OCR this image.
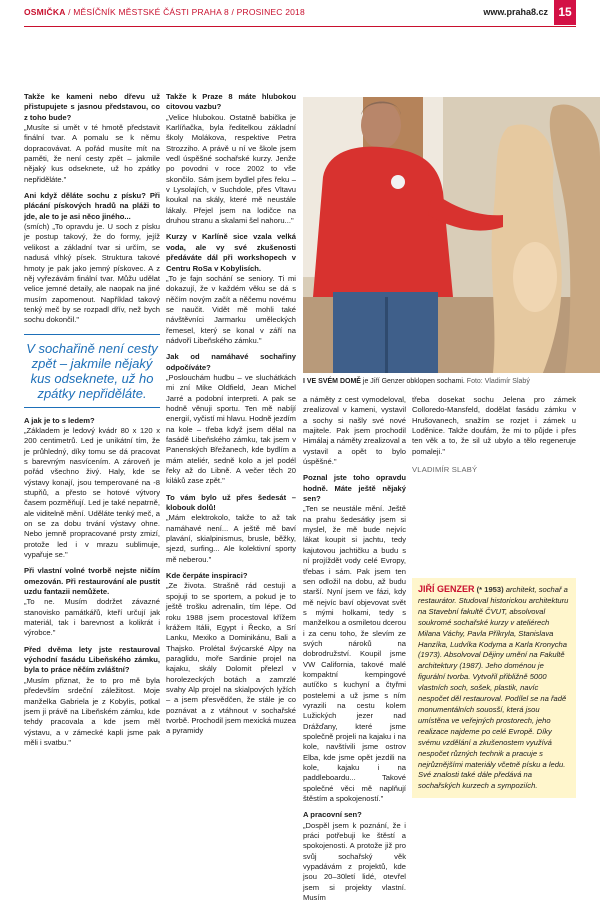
OSMIČKA / MĚSÍČNÍK MĚSTSKÉ ČÁSTI PRAHA 8 / PROSINEC 2018	www.praha8.cz 15

Takže ke kameni nebo dřevu už přistupujete s jasnou představou, co z toho bude?

„Musíte si umět v té hmotě představit finální tvar. A pomalu se k němu dopracovávat. A pořád musíte mít na paměti, že není cesty zpět – jakmile nějaký kus odseknete, už ho zpátky nepřiděláte."

Ani když děláte sochu z písku? Při plácání pískových hradů na pláži to jde, ale to je asi něco jiného...

(smích) „To opravdu je. U soch z písku je postup takový, že do formy, jejíž velikost a základní tvar si určím, se nadusá vlhký písek. Struktura takové hmoty je pak jako jemný pískovec. A z něj vyřezávám finální tvar. Můžu udělat velice jemné detaily, ale naopak na jiné musím zapomenout. Například takový tenký meč by se rozpadl dřív, než bych sochu dokončil."

V sochařině není cesty zpět – jakmile nějaký kus odseknete, už ho zpátky nepřiděláte.

A jak je to s ledem?

„Základem je ledový kvádr 80 x 120 x 200 centimetrů. Led je unikátní tím, že je průhledný, díky tomu se dá pracovat s barevným nasvícením. A zároveň je pořád všechno živý. Haly, kde se výstavy konají, jsou temperované na -8 stupňů, a přesto se hotové výtvory časem pozměňují. Led je také nepatrně, ale viditelně mění. Uděláte tenký meč, a on se za dobu trvání výstavy ohne. Nebo jemně propracované prsty zmizí, protože led i v mrazu sublimuje, vypařuje se."

Při vlastní volné tvorbě nejste ničím omezován. Při restaurování ale pustit uzdu fantazii nemůžete.

„To ne. Musím dodržet závazné stanovisko památkářů, kteří určují jak materiál, tak i barevnost a kolikrát i výrobce."

Před dvěma lety jste restauroval východní fasádu Libeňského zámku, byla to práce něčím zvláštní?

„Musím přiznat, že to pro mě byla především srdeční záležitost. Moje manželka Gabriela je z Kobylis, potkal jsem ji právě na Libeňském zámku, kde tehdy pracovala a kde jsem měl výstavu, a v zámecké kapli jsme pak měli i svatbu."

Takže k Praze 8 máte hlubokou citovou vazbu?

„Velice hlubokou. Ostatně babička je Karlíňačka, byla ředitelkou základní školy Molákova, respektive Petra Strozziho. A právě u ní ve škole jsem vedl úspěšné sochařské kurzy. Jenže po povodni v roce 2002 to vše skončilo. Sám jsem bydlel přes řeku – v Lysolajích, v Suchdole, přes Vltavu koukal na skály, které mě neustále lákaly. Přejel jsem na lodičce na druhou stranu a skalami šel nahoru..."

Kurzy v Karlíně sice vzala velká voda, ale vy své zkušenosti předáváte dál při workshopech v Centru RoSa v Kobylisích.

„To je fajn sochání se seniory. Ti mi dokazují, že v každém věku se dá s něčím novým začít a něčemu novému se naučit. Vidět mě mohli také návštěvníci Jarmarku uměleckých řemesel, který se konal v září na nádvoří Libeňského zámku."

Jak od namáhavé sochařiny odpočíváte?

„Poslouchám hudbu – ve sluchátkách mi zní Mike Oldfield, Jean Michel Jarré a podobní interpreti. A pak se hodně věnuji sportu. Ten mě nabíjí energií, vyčistí mi hlavu. Hodně jezdím na kole – třeba když jsem dělal na fasádě Libeňského zámku, tak jsem v Panenských Břežanech, kde bydlím a mám ateliér, sedně kolo a jel podél řeky až do Libně. A večer těch 20 kiláků zase zpět."

To vám bylo už přes šedesát – klobouk dolů!

„Mám elektrokolo, takže to až tak namáhavé není... A ještě mě baví plavání, skialpinismus, brusle, běžky, sjezd, surfing... Ale kolektivní sporty mě neberou."

Kde čerpáte inspiraci?

„Ze života. Strašně rád cestuji a spojuji to se sportem, a pokud je to ještě trošku adrenalin, tím lépe. Od roku 1988 jsem procestoval křížem krážem Itálii, Egypt i Řecko, a Srí Lanku, Mexiko a Dominikánu, Bali a Thajsko. Prolétal švýcarské Alpy na paraglidu, moře Sardinie projel na kajaku, skály Dolomit přelezl v horolezeckých botách a zamrzlé svahy Alp projel na skialpových lyžích – a jsem přesvědčen, že stále je co poznávat a z vtáhnout v sochařské tvorbě. Prochodil jsem mexická muzea a pyramidy

I VE SVÉM DOMĚ je Jiří Genzer obklopen sochami. Foto: Vladimír Slabý

a náměty z cest vymodeloval, zrealizoval v kameni, vystavil a sochy si našly své nové majitele. Pak jsem prochodil Himálaj a náměty zrealizoval a vystavil a opět to bylo úspěšné."

Poznal jste toho opravdu hodně. Máte ještě nějaký sen?

„Ten se neustále mění. Ještě na prahu šedesátky jsem si myslel, že mě bude nejvíc lákat koupit si jachtu, tedy kajutovou jachtičku a budu s ní projíždět vody celé Evropy, třebas i sám. Pak jsem ten sen odložil na dobu, až budu starší. Nyní jsem ve fázi, kdy mě nejvíc baví objevovat svět s mými holkami, tedy s manželkou a osmiletou dcerou i za cenu toho, že slevím ze svých nároků na dobrodružství. Koupil jsme VW California, takové malé kompaktní kempingové autíčko s kuchyní a čtyřmi postelemi a už jsme s ním vyrazili na cestu kolem Lužických jezer nad Drážďany, které jsme společně projeli na kajaku i na kole, navštívili jsme ostrov Elba, kde jsme opět jezdili na kole, kajaku i na paddleboardu... Takové společné věci mě naplňují štěstím a spokojeností."

A pracovní sen?

„Dospěl jsem k poznání, že i práci potřebuji ke štěstí a spokojenosti. A protože již pro svůj sochařský věk vypadávám z projektů, kde jsou 20–30letí lidé, otevřel jsem si projekty vlastní. Musím

třeba dosekat sochu Jelena pro zámek Colloredo-Mansfeld, dodělat fasádu zámku v Hrušovanech, snažím se rozjet i zámek u Loděnice. Takže doufám, že mi to půjde i přes ten věk a to, že sil už ubylo a tělo regeneruje pomaleji."

VLADIMÍR SLABÝ
JIŘÍ GENZER (* 1953) architekt, sochař a restaurátor. Studoval historickou architekturu na Stavební fakultě ČVUT, absolvoval soukromé sochařské kurzy v ateliérech Milana Váchy, Pavla Příkryla, Stanislava Hanzíka, Ludvíka Kodyma a Karla Kronycha (1973). Absolvoval Dějiny umění na Fakultě architektury (1987). Jeho doménou je figurální tvorba. Vytvořil přibližně 5000 vlastních soch, sošek, plastik, navíc nespočet děl restauroval. Podílel se na řadě monumentálních souosší, která jsou umístěna ve veřejných prostorech, jeho realizace najdeme po celé Evropě. Díky svému vzdělání a zkušenostem využívá nespočet různých technik a pracuje s nejrůznějšími materiály včetně písku a ledu. Své znalosti také dále předává na sochařských kurzech a sympoziích.
